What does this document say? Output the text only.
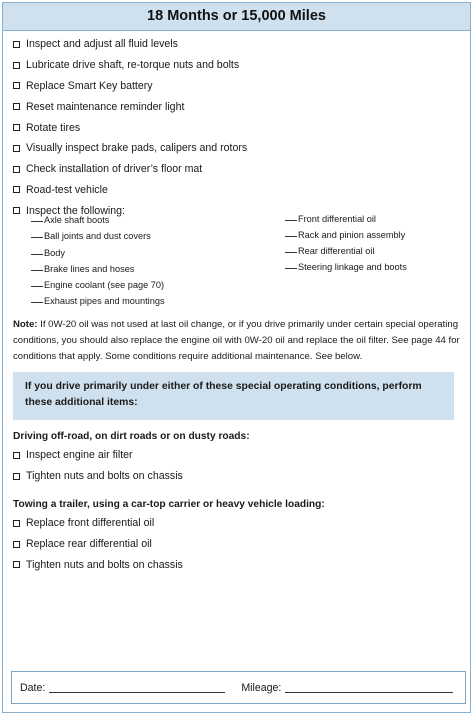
18 Months or 15,000 Miles
Inspect and adjust all fluid levels
Lubricate drive shaft, re-torque nuts and bolts
Replace Smart Key battery
Reset maintenance reminder light
Rotate tires
Visually inspect brake pads, calipers and rotors
Check installation of driver’s floor mat
Road-test vehicle
Inspect the following:
Axle shaft boots
Ball joints and dust covers
Body
Brake lines and hoses
Engine coolant (see page 70)
Exhaust pipes and mountings
Front differential oil
Rack and pinion assembly
Rear differential oil
Steering linkage and boots
Note: If 0W-20 oil was not used at last oil change, or if you drive primarily under certain special operating conditions, you should also replace the engine oil with 0W-20 oil and replace the oil filter. See page 44 for conditions that apply. Some conditions require additional maintenance. See below.
If you drive primarily under either of these special operating conditions, perform these additional items:
Driving off-road, on dirt roads or on dusty roads:
Inspect engine air filter
Tighten nuts and bolts on chassis
Towing a trailer, using a car-top carrier or heavy vehicle loading:
Replace front differential oil
Replace rear differential oil
Tighten nuts and bolts on chassis
Date:	Mileage:
